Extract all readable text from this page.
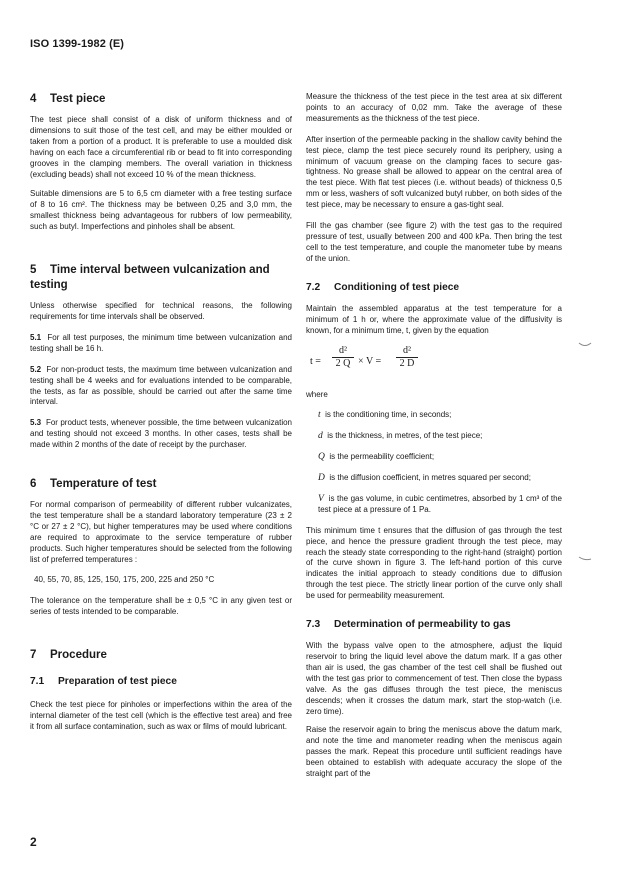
ISO 1399-1982 (E)
4 Test piece

The test piece shall consist of a disk of uniform thickness and of dimensions to suit those of the test cell, and may be either moulded or taken from a portion of a product. It is preferable to use a moulded disk having on each face a circumferential rib or bead to fit into corresponding grooves in the clamping members. The overall variation in thickness (excluding beads) shall not exceed 10 % of the mean thickness.

Suitable dimensions are 5 to 6,5 cm diameter with a free testing surface of 8 to 16 cm². The thickness may be between 0,25 and 3,0 mm, the smallest thickness being advantageous for rubbers of low permeability, such as butyl. Imperfections and pinholes shall be absent.

5 Time interval between vulcanization and testing

Unless otherwise specified for technical reasons, the following requirements for time intervals shall be observed.

5.1 For all test purposes, the minimum time between vulcanization and testing shall be 16 h.

5.2 For non-product tests, the maximum time between vulcanization and testing shall be 4 weeks and for evaluations intended to be comparable, the tests, as far as possible, should be carried out after the same time interval.

5.3 For product tests, whenever possible, the time between vulcanization and testing should not exceed 3 months. In other cases, tests shall be made within 2 months of the date of receipt by the purchaser.

6 Temperature of test

For normal comparison of permeability of different rubber vulcanizates, the test temperature shall be a standard laboratory temperature (23 ± 2 °C or 27 ± 2 °C), but higher temperatures may be used where conditions are required to approximate to the service temperature of rubber products. Such higher temperatures should be selected from the following list of preferred temperatures :

40, 55, 70, 85, 125, 150, 175, 200, 225 and 250 °C

The tolerance on the temperature shall be ± 0,5 °C in any given test or series of tests intended to be comparable.

7 Procedure
7.1 Preparation of test piece

Check the test piece for pinholes or imperfections within the area of the internal diameter of the test cell (which is the effective test area) and free it from all surface contamination, such as wax or films of mould lubricant.

Measure the thickness of the test piece in the test area at six different points to an accuracy of 0,02 mm. Take the average of these measurements as the thickness of the test piece.

After insertion of the permeable packing in the shallow cavity behind the test piece, clamp the test piece securely round its periphery, using a minimum of vacuum grease on the clamping faces to secure gas-tightness. No grease shall be allowed to appear on the central area of the test piece. With flat test pieces (i.e. without beads) of thickness 0,5 mm or less, washers of soft vulcanized butyl rubber, on both sides of the test piece, may be necessary to ensure a gas-tight seal.

Fill the gas chamber (see figure 2) with the test gas to the required pressure of test, usually between 200 and 400 kPa. Then bring the test cell to the test temperature, and couple the manometer tube by means of the union.

7.2 Conditioning of test piece

Maintain the assembled apparatus at the test temperature for a minimum of 1 h or, where the approximate value of the diffusivity is known, for a minimum time, t, given by the equation

$t = \frac{\text{d²}}{2 Q} \times V = \frac{\text{d²}}{2 D}$

where

t is the conditioning time, in seconds;

d is the thickness, in metres, of the test piece;

Q is the permeability coefficient;

D is the diffusion coefficient, in metres squared per second;

V is the gas volume, in cubic centimetres, absorbed by 1 cm³ of the test piece at a pressure of 1 Pa.

This minimum time t ensures that the diffusion of gas through the test piece, and hence the pressure gradient through the test piece, may reach the steady state corresponding to the right-hand (straight) portion of the curve shown in figure 3. The left-hand portion of this curve indicates the initial approach to steady conditions due to diffusion through the test piece. The strictly linear portion of the curve only shall be used for permeability measurement.

7.3 Determination of permeability to gas

With the bypass valve open to the atmosphere, adjust the liquid reservoir to bring the liquid level above the datum mark. If a gas other than air is used, the gas chamber of the test cell shall be flushed out with the test gas prior to commencement of test. Then close the bypass valve. As the gas diffuses through the test piece, the meniscus descends; when it crosses the datum mark, start the stop-watch (i.e. zero time).

Raise the reservoir again to bring the meniscus above the datum mark, and note the time and manometer reading when the meniscus again passes the mark. Repeat this procedure until sufficient readings have been obtained to establish with adequate accuracy the slope of the straight part of the

2
